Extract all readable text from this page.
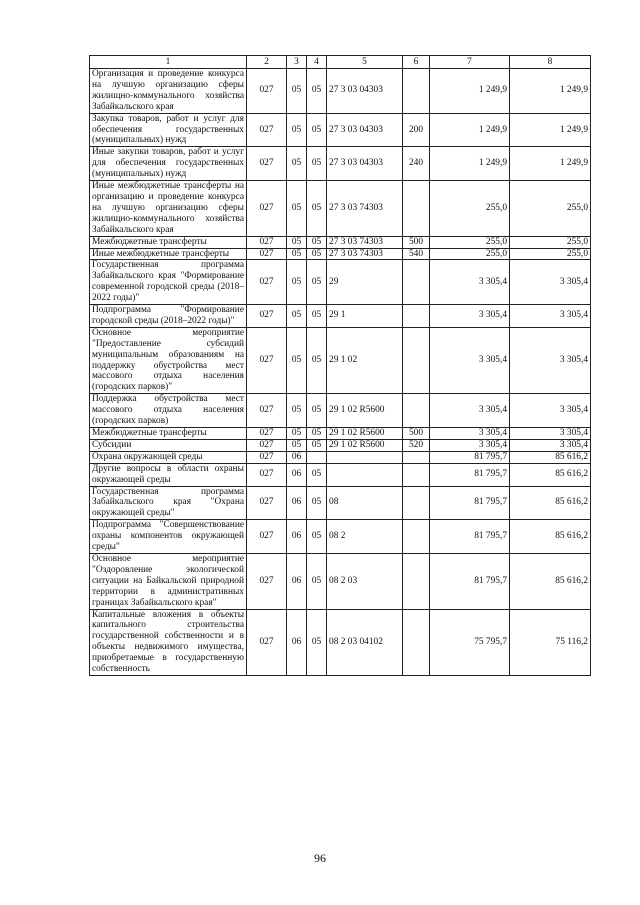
1	2	3	4	5	6	7	8
Организация и проведение конкурса на лучшую организацию сферы жилищно-коммунального хозяйства Забайкальского края	027	05	05	27 3 03 04303		1 249,9	1 249,9
Закупка товаров, работ и услуг для обеспечения государственных (муниципальных) нужд	027	05	05	27 3 03 04303	200	1 249,9	1 249,9
Иные закупки товаров, работ и услуг для обеспечения государственных (муниципальных) нужд	027	05	05	27 3 03 04303	240	1 249,9	1 249,9
Иные межбюджетные трансферты на организацию и проведение конкурса на лучшую организацию сферы жилищно-коммунального хозяйства Забайкальского края	027	05	05	27 3 03 74303		255,0	255,0
Межбюджетные трансферты	027	05	05	27 3 03 74303	500	255,0	255,0
Иные межбюджетные трансферты	027	05	05	27 3 03 74303	540	255,0	255,0
Государственная программа Забайкальского края "Формирование современной городской среды (2018–2022 годы)"	027	05	05	29		3 305,4	3 305,4
Подпрограмма "Формирование городской среды (2018–2022 годы)"	027	05	05	29 1		3 305,4	3 305,4
Основное мероприятие "Предоставление субсидий муниципальным образованиям на поддержку обустройства мест массового отдыха населения (городских парков)"	027	05	05	29 1 02		3 305,4	3 305,4
Поддержка обустройства мест массового отдыха населения (городских парков)	027	05	05	29 1 02 R5600		3 305,4	3 305,4
Межбюджетные трансферты	027	05	05	29 1 02 R5600	500	3 305,4	3 305,4
Субсидии	027	05	05	29 1 02 R5600	520	3 305,4	3 305,4
Охрана окружающей среды	027	06				81 795,7	85 616,2
Другие вопросы в области охраны окружающей среды	027	06	05			81 795,7	85 616,2
Государственная программа Забайкальского края "Охрана окружающей среды"	027	06	05	08		81 795,7	85 616,2
Подпрограмма "Совершенствование охраны компонентов окружающей среды"	027	06	05	08 2		81 795,7	85 616,2
Основное мероприятие "Оздоровление экологической ситуации на Байкальской природной территории в административных границах Забайкальского края"	027	06	05	08 2 03		81 795,7	85 616,2
Капитальные вложения в объекты капитального строительства государственной собственности и в объекты недвижимого имущества, приобретаемые в государственную собственность	027	06	05	08 2 03 04102		75 795,7	75 116,2
96
